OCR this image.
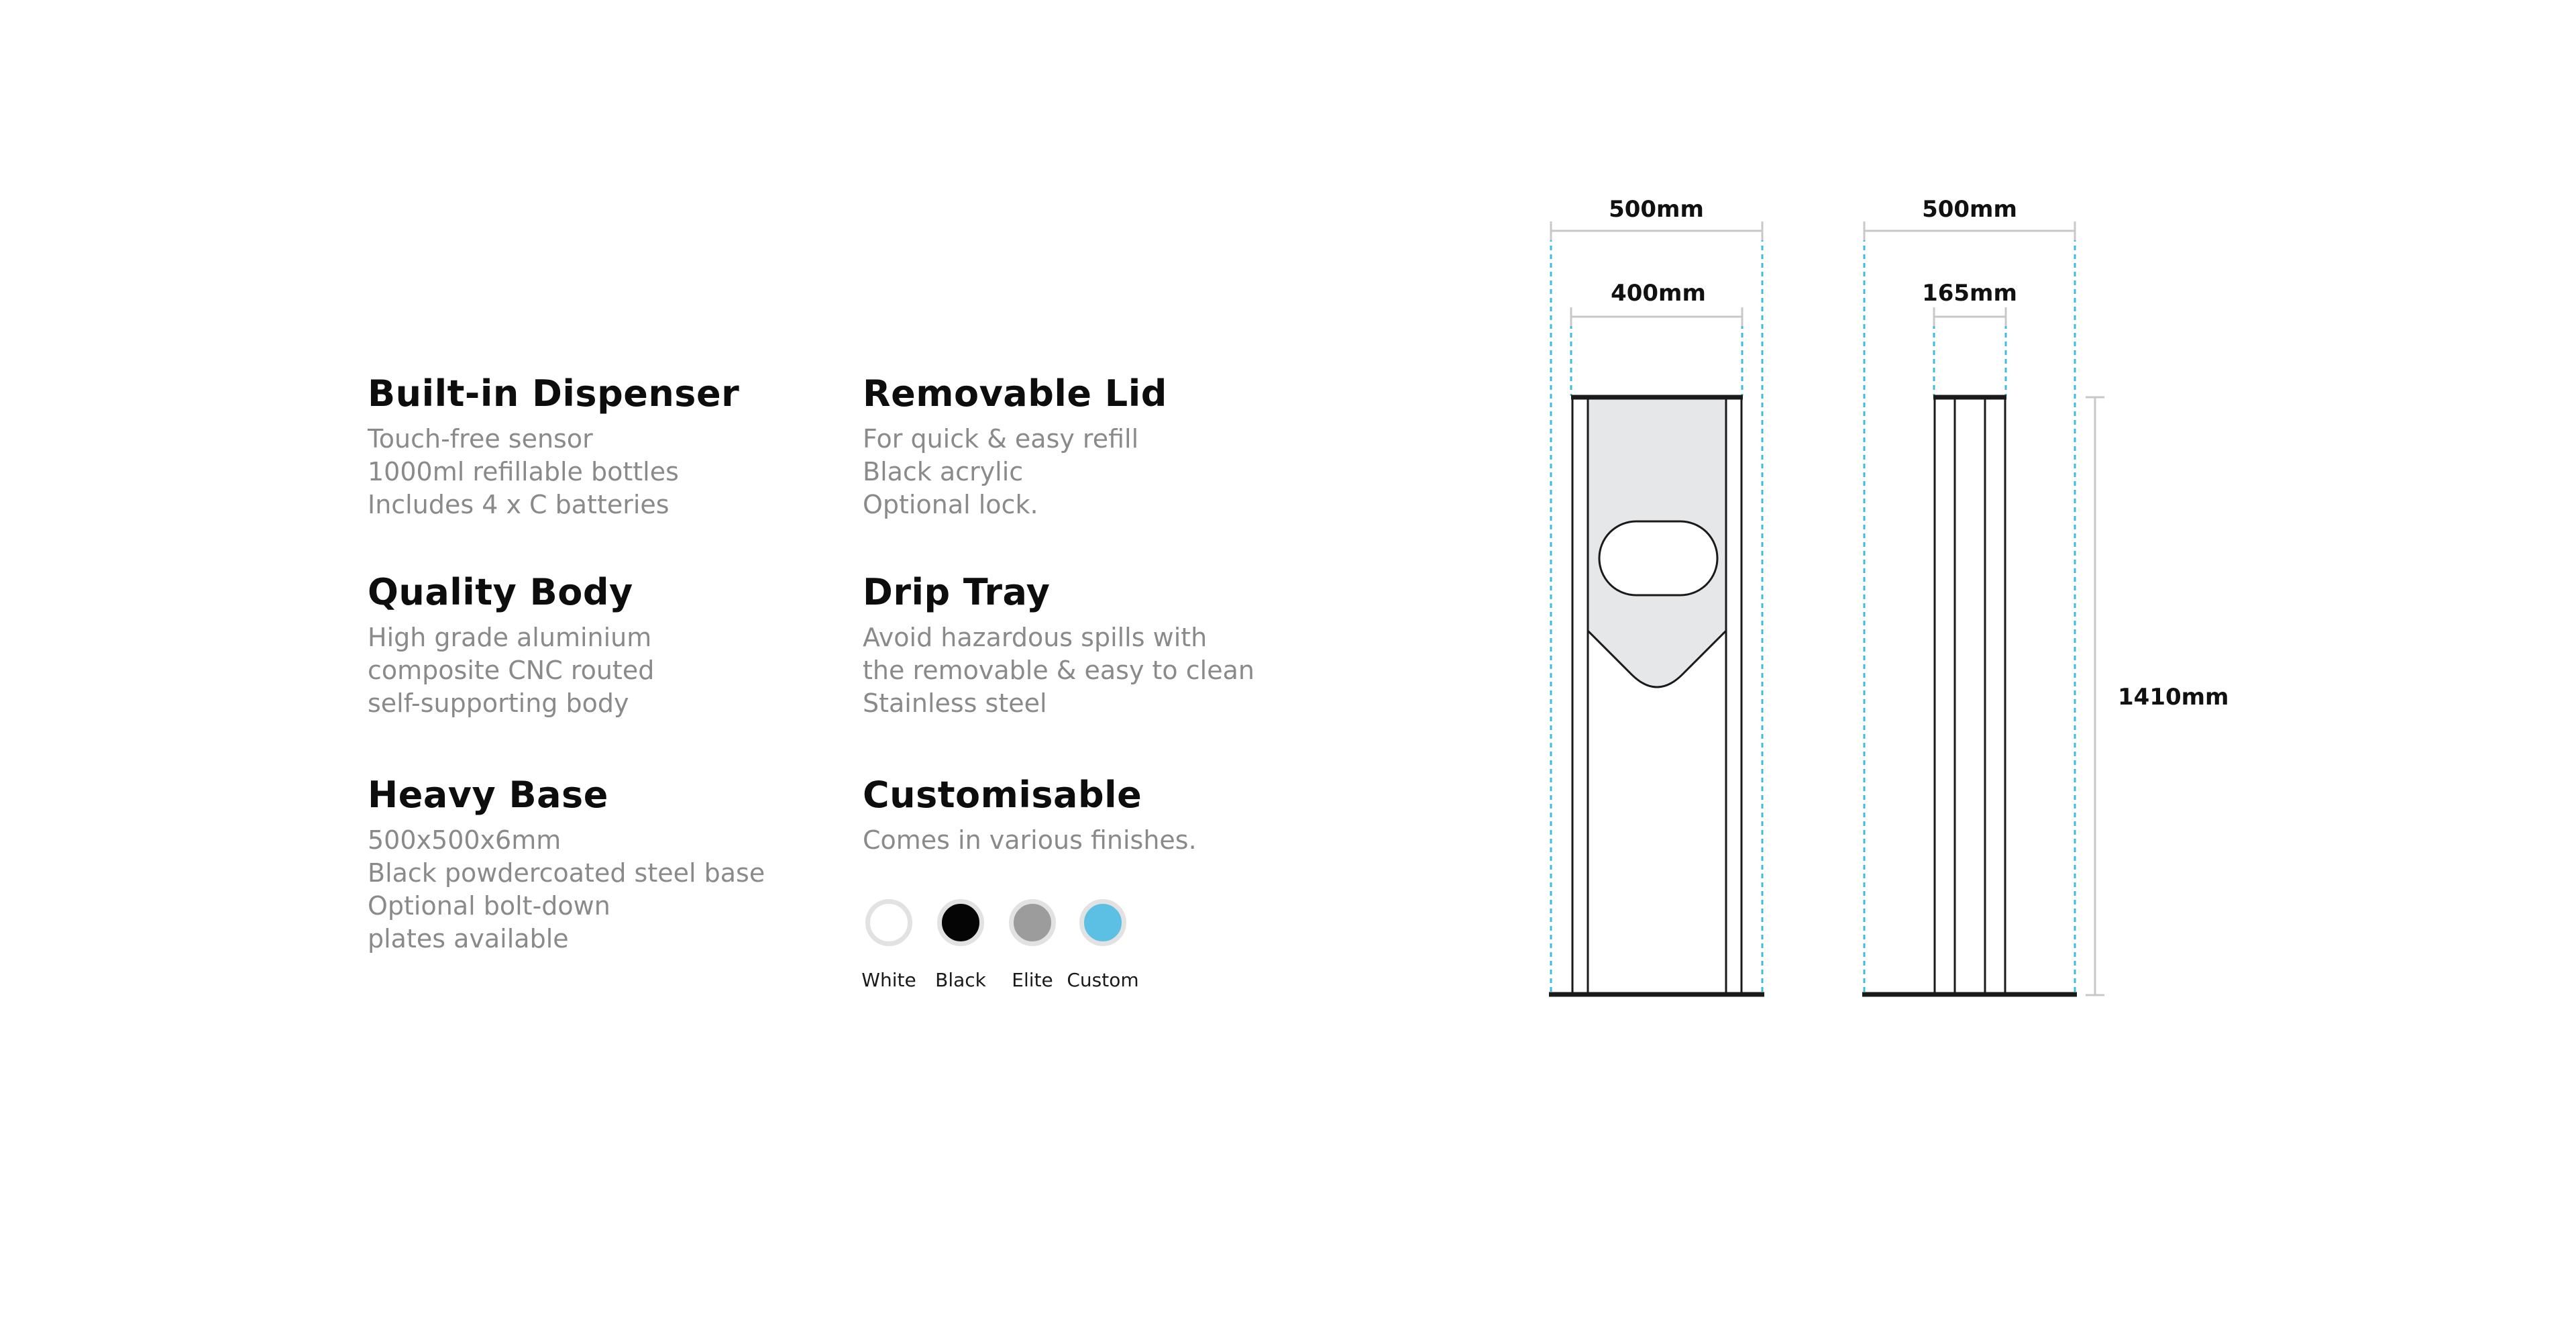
Built-in Dispenser
Touch-free sensor
1000ml refillable bottles
Includes 4 x C batteries
Removable Lid
For quick & easy refill
Black acrylic
Optional lock.
Quality Body
High grade aluminium
composite CNC routed
self-supporting body
Drip Tray
Avoid hazardous spills with
the removable & easy to clean
Stainless steel
Heavy Base
500x500x6mm
Black powdercoated steel base
Optional bolt-down
plates available
Customisable
Comes in various finishes.
White	Black	Elite Custom
500mm
400mm
500mm
165mm
1410mm
